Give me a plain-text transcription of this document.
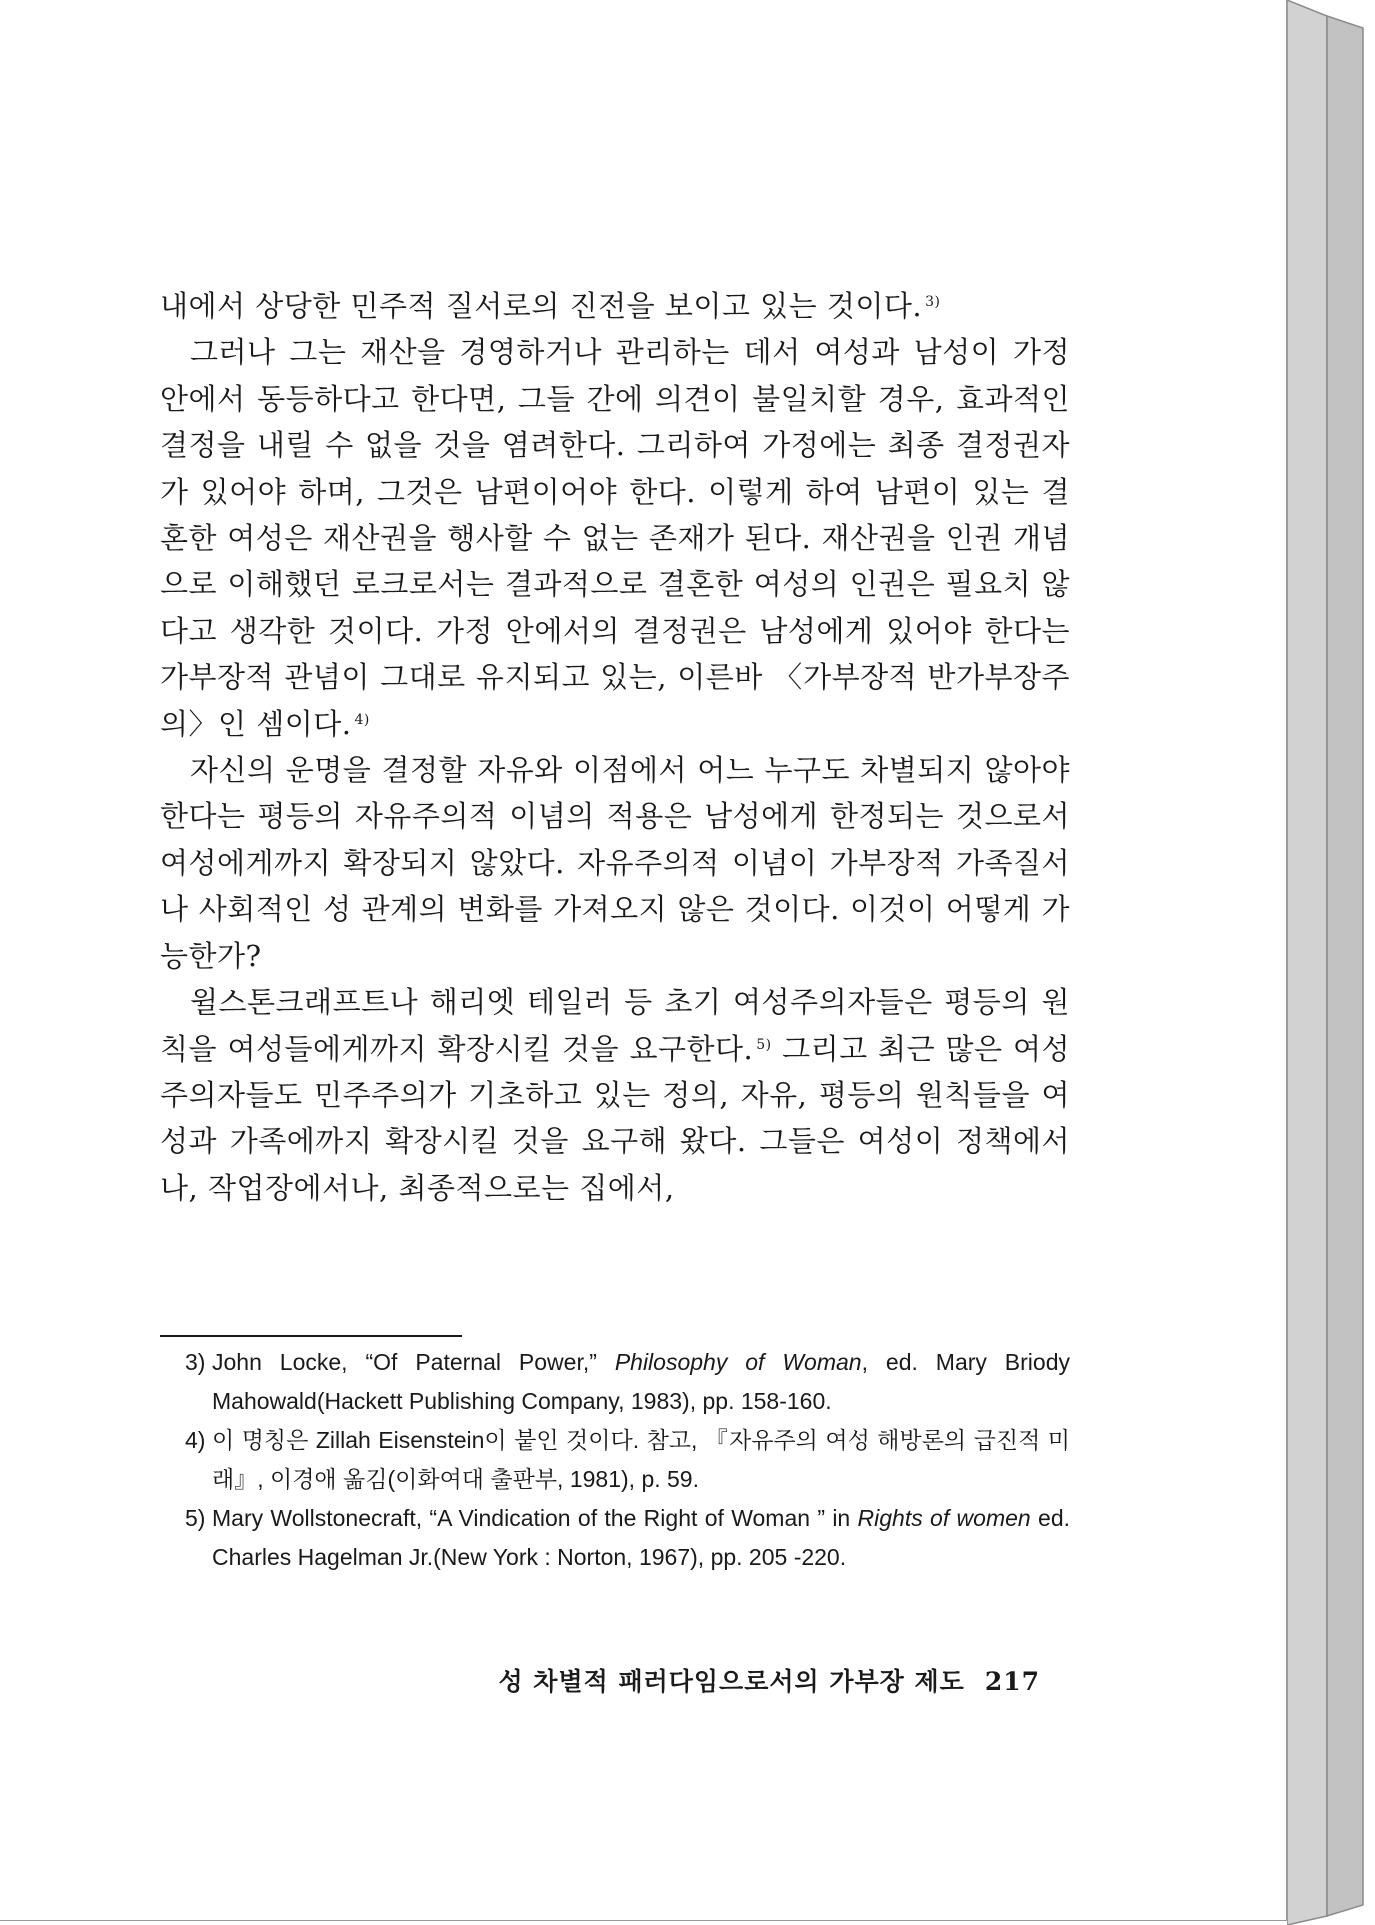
내에서 상당한 민주적 질서로의 진전을 보이고 있는 것이다. $^{3)}$

그러나 그는 재산을 경영하거나 관리하는 데서 여성과 남성이 가정 안에서 동등하다고 한다면, 그들 간에 의견이 불일치할 경우, 효과적인 결정을 내릴 수 없을 것을 염려한다. 그리하여 가정에는 최종 결정권자가 있어야 하며, 그것은 남편이어야 한다. 이렇게 하여 남편이 있는 결혼한 여성은 재산권을 행사할 수 없는 존재가 된다. 재산권을 인권 개념으로 이해했던 로크로서는 결과적으로 결혼한 여성의 인권은 필요치 않다고 생각한 것이다. 가정 안에서의 결정권은 남성에게 있어야 한다는 가부장적 관념이 그대로 유지되고 있는, 이른바 〈가부장적 반가부장주의〉인 셈이다. $^{4)}$

자신의 운명을 결정할 자유와 이점에서 어느 누구도 차별되지 않아야 한다는 평등의 자유주의적 이념의 적용은 남성에게 한정되는 것으로서 여성에게까지 확장되지 않았다. 자유주의적 이념이 가부장적 가족질서나 사회적인 성 관계의 변화를 가져오지 않은 것이다. 이것이 어떻게 가능한가?

윌스톤크래프트나 해리엣 테일러 등 초기 여성주의자들은 평등의 원칙을 여성들에게까지 확장시킬 것을 요구한다. $^{5)}$ 그리고 최근 많은 여성주의자들도 민주주의가 기초하고 있는 정의, 자유, 평등의 원칙들을 여성과 가족에까지 확장시킬 것을 요구해 왔다. 그들은 여성이 정책에서나, 작업장에서나, 최종적으로는 집에서,

3) John Locke, “Of Paternal Power,” Philosophy of Woman, ed. Mary Briody Mahowald(Hackett Publishing Company, 1983), pp. 158-160.
4) 이 명칭은 Zillah Eisenstein이 붙인 것이다. 참고, 『자유주의 여성 해방론의 급진적 미래』, 이경애 옮김(이화여대 출판부, 1981), p. 59.
5) Mary Wollstonecraft, “A Vindication of the Right of Woman ” in Rights of women ed. Charles Hagelman Jr.(New York : Norton, 1967), pp. 205 -220.
성 차별적 패러다임으로서의 가부장 제도 217
